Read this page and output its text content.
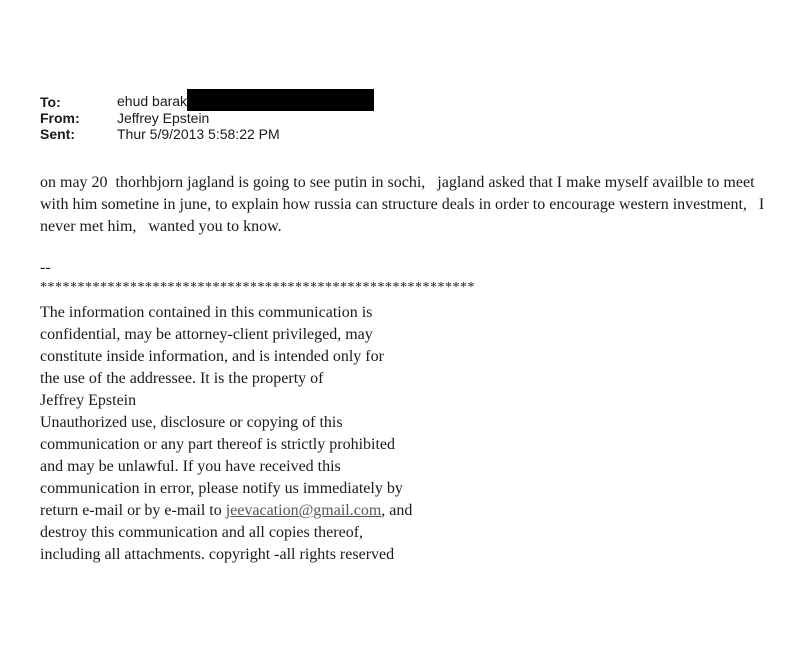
To:	ehud barak
From:	Jeffrey Epstein
Sent:	Thur 5/9/2013 5:58:22 PM
on may 20  thorhbjorn jagland is going to see putin in sochi,   jagland asked that I make myself availble to meet with him sometine in june, to explain how russia can structure deals in order to encourage western investment,   I never met him,   wanted you to know.
--
**********************************************************
The information contained in this communication is
confidential, may be attorney-client privileged, may
constitute inside information, and is intended only for
the use of the addressee. It is the property of
Jeffrey Epstein
Unauthorized use, disclosure or copying of this
communication or any part thereof is strictly prohibited
and may be unlawful. If you have received this
communication in error, please notify us immediately by
return e-mail or by e-mail to jeevacation@gmail.com, and
destroy this communication and all copies thereof,
including all attachments. copyright -all rights reserved
